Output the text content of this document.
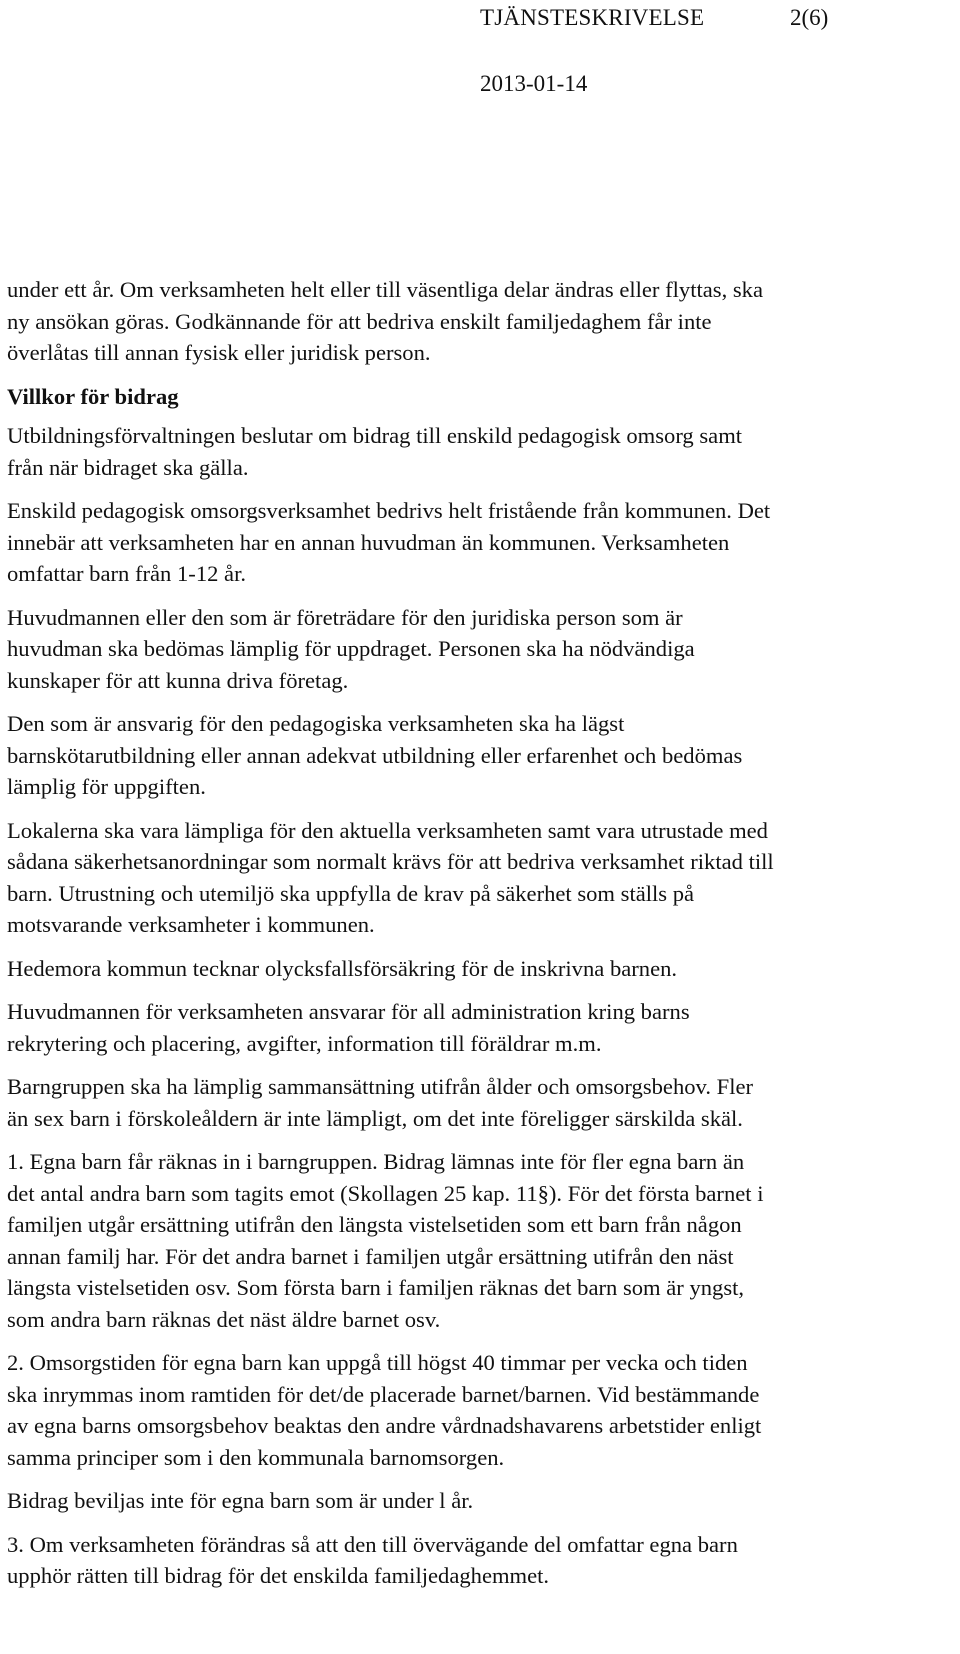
TJÄNSTESKRIVELSE	2(6)
2013-01-14

under ett år. Om verksamheten helt eller till väsentliga delar ändras eller flyttas, ska
ny ansökan göras. Godkännande för att bedriva enskilt familjedaghem får inte
överlåtas till annan fysisk eller juridisk person.

Villkor för bidrag

Utbildningsförvaltningen beslutar om bidrag till enskild pedagogisk omsorg samt
från när bidraget ska gälla.

Enskild pedagogisk omsorgsverksamhet bedrivs helt fristående från kommunen. Det
innebär att verksamheten har en annan huvudman än kommunen. Verksamheten
omfattar barn från 1-12 år.

Huvudmannen eller den som är företrädare för den juridiska person som är
huvudman ska bedömas lämplig för uppdraget. Personen ska ha nödvändiga
kunskaper för att kunna driva företag.

Den som är ansvarig för den pedagogiska verksamheten ska ha lägst
barnskötarutbildning eller annan adekvat utbildning eller erfarenhet och bedömas
lämplig för uppgiften.

Lokalerna ska vara lämpliga för den aktuella verksamheten samt vara utrustade med
sådana säkerhetsanordningar som normalt krävs för att bedriva verksamhet riktad till
barn. Utrustning och utemiljö ska uppfylla de krav på säkerhet som ställs på
motsvarande verksamheter i kommunen.

Hedemora kommun tecknar olycksfallsförsäkring för de inskrivna barnen.

Huvudmannen för verksamheten ansvarar för all administration kring barns
rekrytering och placering, avgifter, information till föräldrar m.m.

Barngruppen ska ha lämplig sammansättning utifrån ålder och omsorgsbehov. Fler
än sex barn i förskoleåldern är inte lämpligt, om det inte föreligger särskilda skäl.

1. Egna barn får räknas in i barngruppen. Bidrag lämnas inte för fler egna barn än
det antal andra barn som tagits emot (Skollagen 25 kap. 11§). För det första barnet i
familjen utgår ersättning utifrån den längsta vistelsetiden som ett barn från någon
annan familj har. För det andra barnet i familjen utgår ersättning utifrån den näst
längsta vistelsetiden osv. Som första barn i familjen räknas det barn som är yngst,
som andra barn räknas det näst äldre barnet osv.

2. Omsorgstiden för egna barn kan uppgå till högst 40 timmar per vecka och tiden
ska inrymmas inom ramtiden för det/de placerade barnet/barnen. Vid bestämmande
av egna barns omsorgsbehov beaktas den andre vårdnadshavarens arbetstider enligt
samma principer som i den kommunala barnomsorgen.

Bidrag beviljas inte för egna barn som är under l år.

3. Om verksamheten förändras så att den till övervägande del omfattar egna barn
upphör rätten till bidrag för det enskilda familjedaghemmet.
